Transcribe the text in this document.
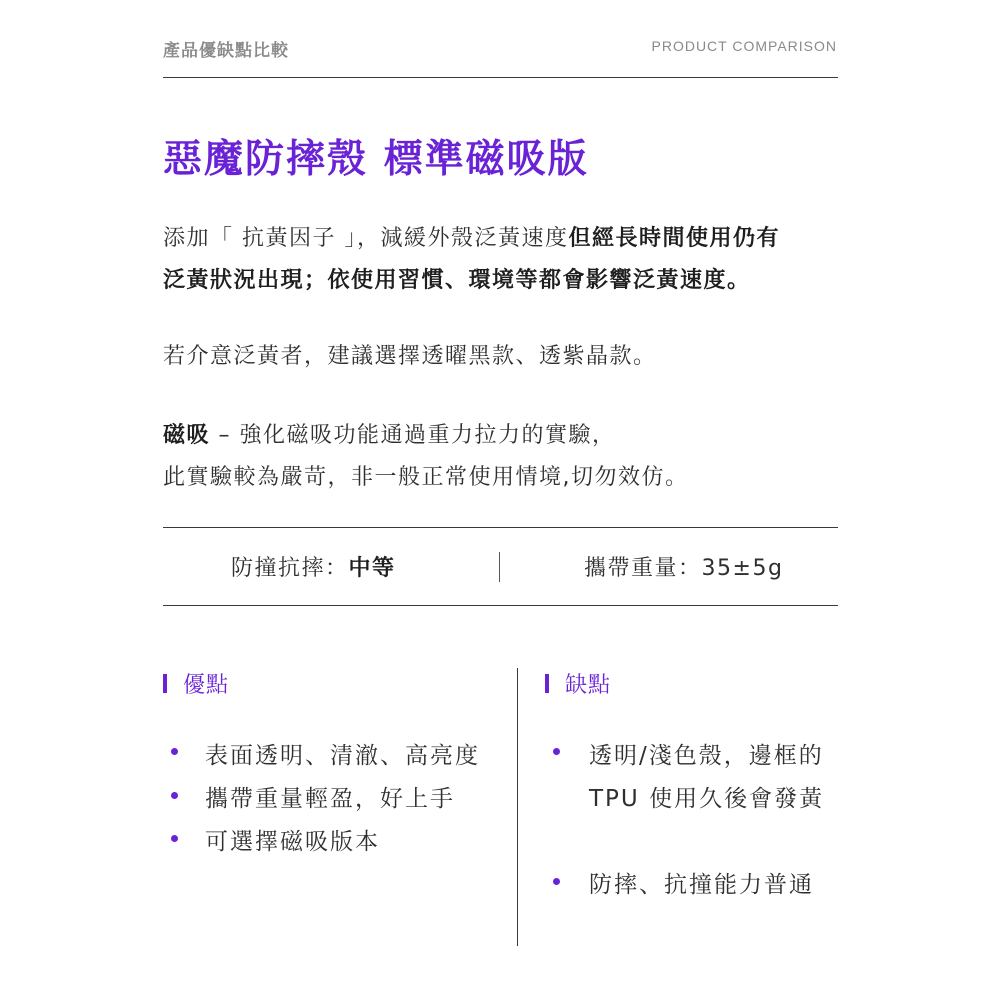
產品優缺點比較	PRODUCT COMPARISON
惡魔防摔殼 標準磁吸版
添加「 抗黃因子 」，減緩外殼泛黃速度但經長時間使用仍有
泛黃狀況出現；依使用習慣、環境等都會影響泛黃速度。
若介意泛黃者，建議選擇透曜黑款、透紫晶款。
磁吸 – 強化磁吸功能通過重力拉力的實驗，
此實驗較為嚴苛，非一般正常使用情境,切勿效仿。
防撞抗摔：中等	攜帶重量：35±5g
優點
表面透明、清澈、高亮度
攜帶重量輕盈，好上手
可選擇磁吸版本
缺點
透明/淺色殼，邊框的
TPU 使用久後會發黃
防摔、抗撞能力普通
